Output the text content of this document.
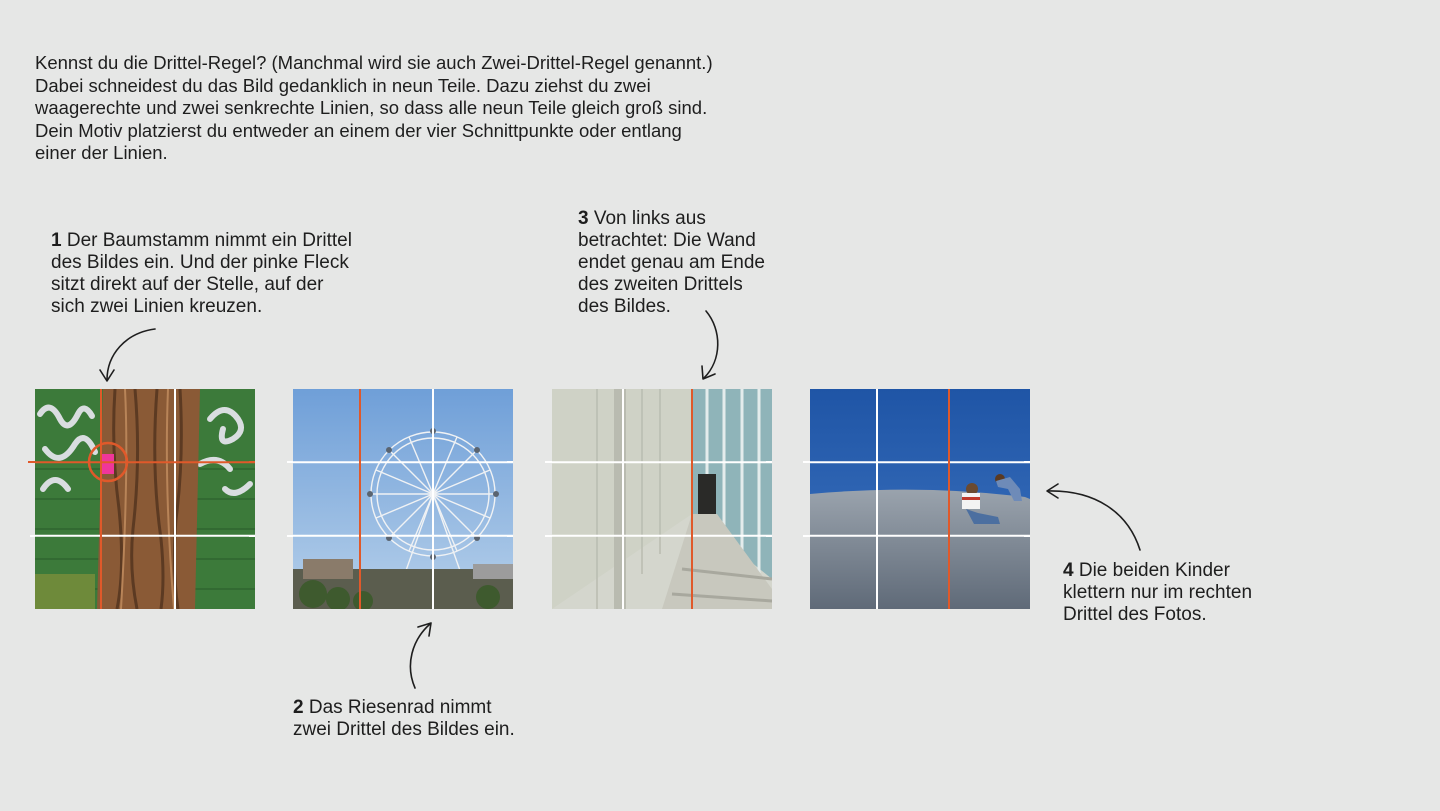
Kennst du die Drittel-Regel? (Manchmal wird sie auch Zwei-Drittel-Regel genannt.)

Dabei schneidest du das Bild gedanklich in neun Teile. Dazu ziehst du zwei

waagerechte und zwei senkrechte Linien, so dass alle neun Teile gleich groß sind.

Dein Motiv platzierst du entweder an einem der vier Schnittpunkte oder entlang

einer der Linien.

1 Der Baumstamm nimmt ein Drittel
des Bildes ein. Und der pinke Fleck
sitzt direkt auf der Stelle, auf der
sich zwei Linien kreuzen.
3 Von links aus
betrachtet: Die Wand
endet genau am Ende
des zweiten Drittels
des Bildes.
2 Das Riesenrad nimmt
zwei Drittel des Bildes ein.
4 Die beiden Kinder
klettern nur im rechten
Drittel des Fotos.
